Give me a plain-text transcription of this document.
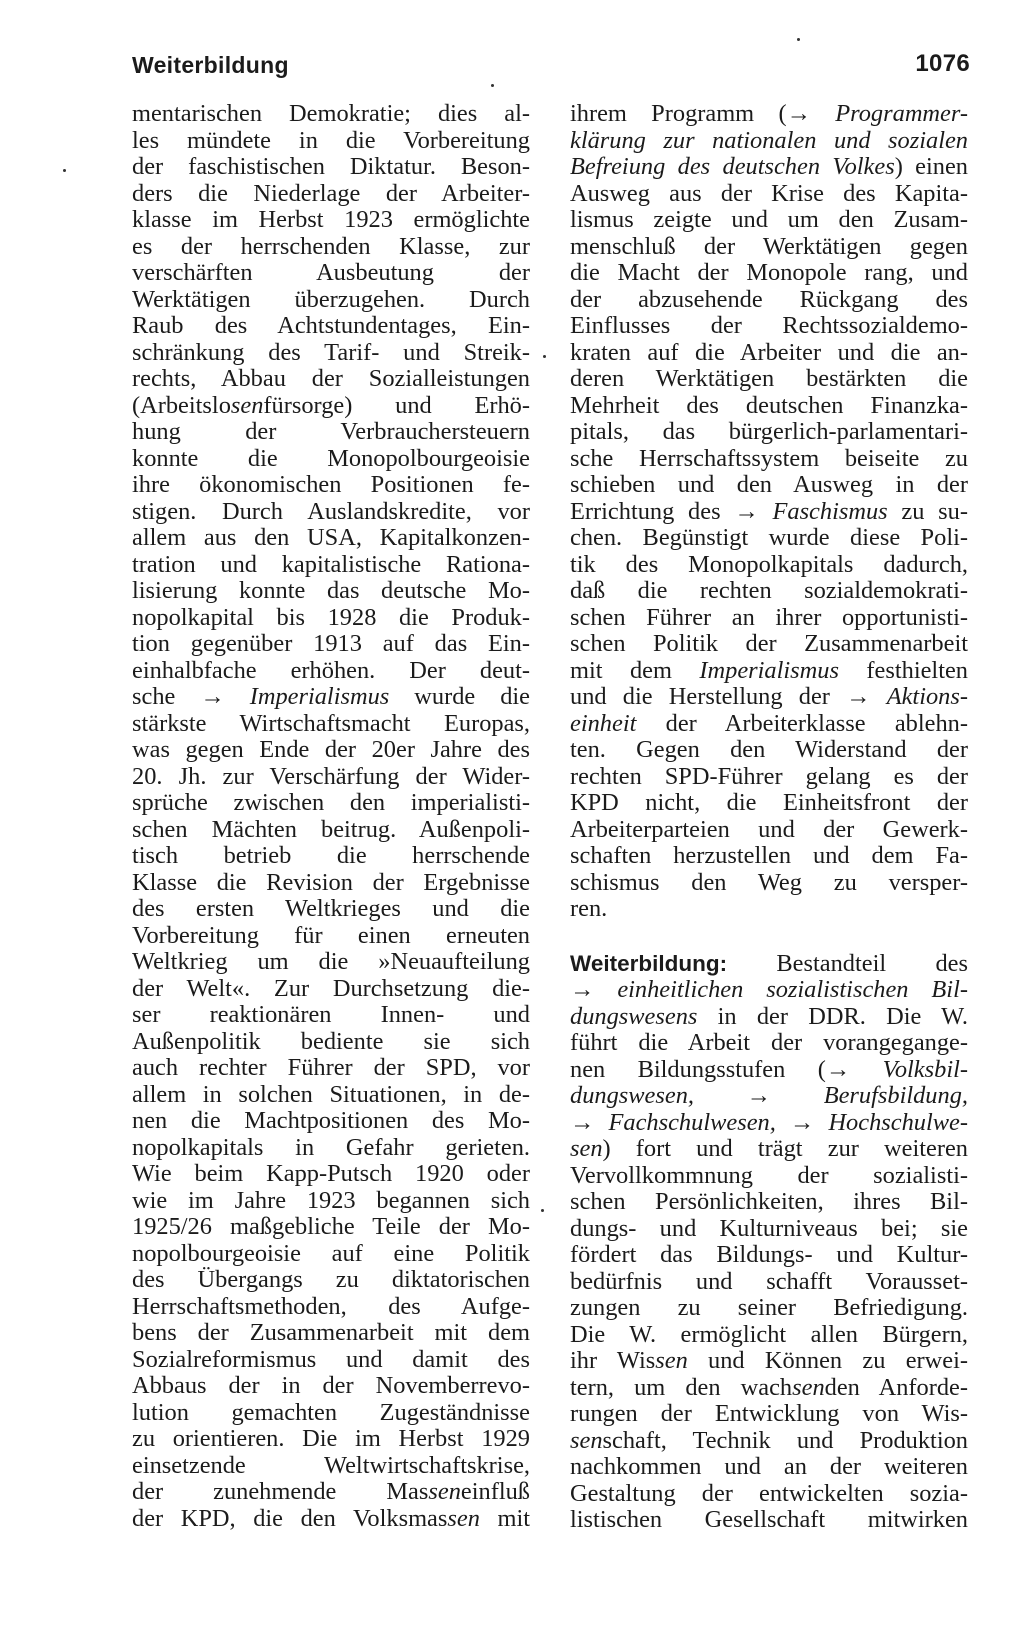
Weiterbildung	1076
mentarischen Demokratie; dies al-
les mündete in die Vorbereitung
der faschistischen Diktatur. Beson-
ders die Niederlage der Arbeiter-
klasse im Herbst 1923 ermöglichte
es der herrschenden Klasse, zur
verschärften Ausbeutung der
Werktätigen überzugehen. Durch
Raub des Achtstundentages, Ein-
schränkung des Tarif- und Streik-
rechts, Abbau der Sozialleistungen
(Arbeitslosenfürsorge) und Erhö-
hung der Verbrauchersteuern
konnte die Monopolbourgeoisie
ihre ökonomischen Positionen fe-
stigen. Durch Auslandskredite, vor
allem aus den USA, Kapitalkonzen-
tration und kapitalistische Rationa-
lisierung konnte das deutsche Mo-
nopolkapital bis 1928 die Produk-
tion gegenüber 1913 auf das Ein-
einhalbfache erhöhen. Der deut-
sche → Imperialismus wurde die
stärkste Wirtschaftsmacht Europas,
was gegen Ende der 20er Jahre des
20. Jh. zur Verschärfung der Wider-
sprüche zwischen den imperialisti-
schen Mächten beitrug. Außenpoli-
tisch betrieb die herrschende
Klasse die Revision der Ergebnisse
des ersten Weltkrieges und die
Vorbereitung für einen erneuten
Weltkrieg um die »Neuaufteilung
der Welt«. Zur Durchsetzung die-
ser reaktionären Innen- und
Außenpolitik bediente sie sich
auch rechter Führer der SPD, vor
allem in solchen Situationen, in de-
nen die Machtpositionen des Mo-
nopolkapitals in Gefahr gerieten.
Wie beim Kapp-Putsch 1920 oder
wie im Jahre 1923 begannen sich
1925/26 maßgebliche Teile der Mo-
nopolbourgeoisie auf eine Politik
des Übergangs zu diktatorischen
Herrschaftsmethoden, des Aufge-
bens der Zusammenarbeit mit dem
Sozialreformismus und damit des
Abbaus der in der Novemberrevo-
lution gemachten Zugeständnisse
zu orientieren. Die im Herbst 1929
einsetzende Weltwirtschaftskrise,
der zunehmende Masseneinfluß
der KPD, die den Volksmassen mit
ihrem Programm (→ Programmer-
klärung zur nationalen und sozialen
Befreiung des deutschen Volkes) einen
Ausweg aus der Krise des Kapita-
lismus zeigte und um den Zusam-
menschluß der Werktätigen gegen
die Macht der Monopole rang, und
der abzusehende Rückgang des
Einflusses der Rechtssozialdemo-
kraten auf die Arbeiter und die an-
deren Werktätigen bestärkten die
Mehrheit des deutschen Finanzka-
pitals, das bürgerlich-parlamentari-
sche Herrschaftssystem beiseite zu
schieben und den Ausweg in der
Errichtung des → Faschismus zu su-
chen. Begünstigt wurde diese Poli-
tik des Monopolkapitals dadurch,
daß die rechten sozialdemokrati-
schen Führer an ihrer opportunisti-
schen Politik der Zusammenarbeit
mit dem Imperialismus festhielten
und die Herstellung der → Aktions-
einheit der Arbeiterklasse ablehn-
ten. Gegen den Widerstand der
rechten SPD-Führer gelang es der
KPD nicht, die Einheitsfront der
Arbeiterparteien und der Gewerk-
schaften herzustellen und dem Fa-
schismus den Weg zu versper-
ren.
Weiterbildung: Bestandteil des
→ einheitlichen sozialistischen Bil-
dungswesens in der DDR. Die W.
führt die Arbeit der vorangegange-
nen Bildungsstufen (→ Volksbil-
dungswesen, → Berufsbildung,
→ Fachschulwesen, → Hochschulwe-
sen) fort und trägt zur weiteren
Vervollkommnung der sozialisti-
schen Persönlichkeiten, ihres Bil-
dungs- und Kulturniveaus bei; sie
fördert das Bildungs- und Kultur-
bedürfnis und schafft Vorausset-
zungen zu seiner Befriedigung.
Die W. ermöglicht allen Bürgern,
ihr Wissen und Können zu erwei-
tern, um den wachsenden Anforde-
rungen der Entwicklung von Wis-
senschaft, Technik und Produktion
nachkommen und an der weiteren
Gestaltung der entwickelten sozia-
listischen Gesellschaft mitwirken
